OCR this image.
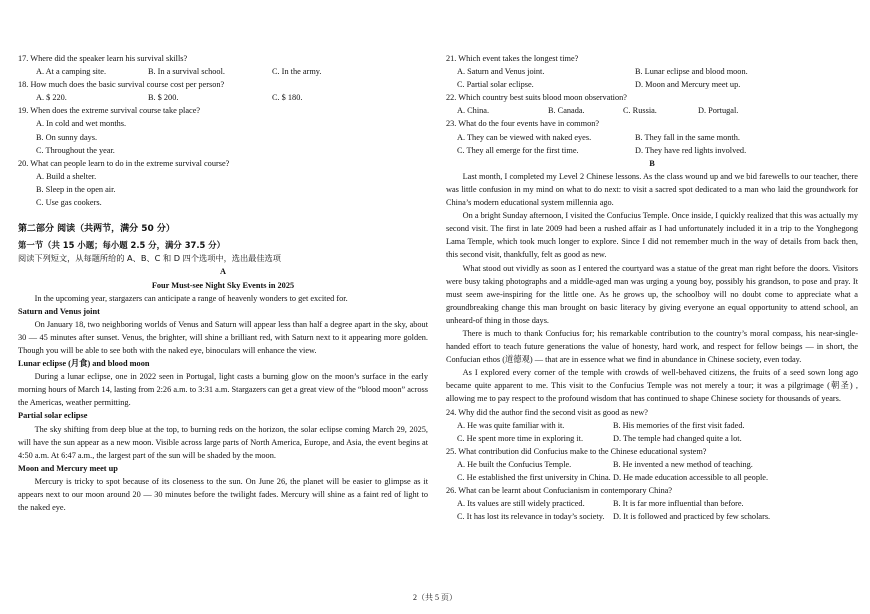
17. Where did the speaker learn his survival skills?

A. At a camping site.	B. In a survival school.	C. In the army.

18. How much does the basic survival course cost per person?

A. $ 220.	B. $ 200.	C. $ 180.

19. When does the extreme survival course take place?

A. In cold and wet months.

B. On sunny days.

C. Throughout the year.

20. What can people learn to do in the extreme survival course?

A. Build a shelter.

B. Sleep in the open air.

C. Use gas cookers.

第二部分 阅读（共两节，满分 50 分）

第一节（共 15 小题；每小题 2.5 分，满分 37.5 分）

阅读下列短文，从每题所给的 A、B、C 和 D 四个选项中，选出最佳选项

A

Four Must-see Night Sky Events in 2025

In the upcoming year, stargazers can anticipate a range of heavenly wonders to get excited for.

Saturn and Venus joint

On January 18, two neighboring worlds of Venus and Saturn will appear less than half a degree apart in the sky, about 30 — 45 minutes after sunset. Venus, the brighter, will shine a brilliant red, with Saturn next to it appearing more golden. Though you will be able to see both with the naked eye, binoculars will enhance the view.

Lunar eclipse (月食) and blood moon

During a lunar eclipse, one in 2022 seen in Portugal, light casts a burning glow on the moon’s surface in the early morning hours of March 14, lasting from 2:26 a.m. to 3:31 a.m. Stargazers can get a great view of the “blood moon” across the Americas, weather permitting.

Partial solar eclipse

The sky shifting from deep blue at the top, to burning reds on the horizon, the solar eclipse coming March 29, 2025, will have the sun appear as a new moon. Visible across large parts of North America, Europe, and Asia, the event begins at 4:50 a.m. At 6:47 a.m., the largest part of the sun will be shaded by the moon.

Moon and Mercury meet up

Mercury is tricky to spot because of its closeness to the sun. On June 26, the planet will be easier to glimpse as it appears next to our moon around 20 — 30 minutes before the twilight fades. Mercury will shine as a faint red of light to the naked eye.

21. Which event takes the longest time?

A. Saturn and Venus joint.	B. Lunar eclipse and blood moon.
C. Partial solar eclipse.	D. Moon and Mercury meet up.

22. Which country best suits blood moon observation?

A. China.	B. Canada.	C. Russia.	D. Portugal.

23. What do the four events have in common?

A. They can be viewed with naked eyes.	B. They fall in the same month.
C. They all emerge for the first time.	D. They have red lights involved.

B

Last month, I completed my Level 2 Chinese lessons. As the class wound up and we bid farewells to our teacher, there was little confusion in my mind on what to do next: to visit a sacred spot dedicated to a man who laid the groundwork for China’s modern educational system millennia ago.

On a bright Sunday afternoon, I visited the Confucius Temple. Once inside, I quickly realized that this was actually my second visit. The first in late 2009 had been a rushed affair as I had unfortunately included it in a trip to the Yonghegong Lama Temple, which took much longer to explore. Since I did not remember much in the way of details from back then, this second visit, thankfully, felt as good as new.

What stood out vividly as soon as I entered the courtyard was a statue of the great man right before the doors. Visitors were busy taking photographs and a middle-aged man was urging a young boy, possibly his grandson, to pose and pray. It must seem awe-inspiring for the little one. As he grows up, the schoolboy will no doubt come to appreciate what a groundbreaking change this man brought on basic literacy by giving everyone an equal opportunity to attend school, an unheard-of thing in those days.

There is much to thank Confucius for; his remarkable contribution to the country’s moral compass, his near-single-handed effort to teach future generations the value of honesty, hard work, and respect for fellow beings — in short, the Confucian ethos (道德观) — that are in essence what we find in abundance in Chinese society, even today.

As I explored every corner of the temple with crowds of well-behaved citizens, the fruits of a seed sown long ago became quite apparent to me. This visit to the Confucius Temple was not merely a tour; it was a pilgrimage (朝圣) , allowing me to pay respect to the profound wisdom that has continued to shape Chinese society for thousands of years.

24. Why did the author find the second visit as good as new?

A. He was quite familiar with it.	B. His memories of the first visit faded.
C. He spent more time in exploring it.	D. The temple had changed quite a lot.

25. What contribution did Confucius make to the Chinese educational system?

A. He built the Confucius Temple.	B. He invented a new method of teaching.
C. He established the first university in China. D. He made education accessible to all people.

26. What can be learnt about Confucianism in contemporary China?

A. Its values are still widely practiced.	B. It is far more influential than before.
C. It has lost its relevance in today’s society.	D. It is followed and practiced by few scholars.
2（共 5 页）
